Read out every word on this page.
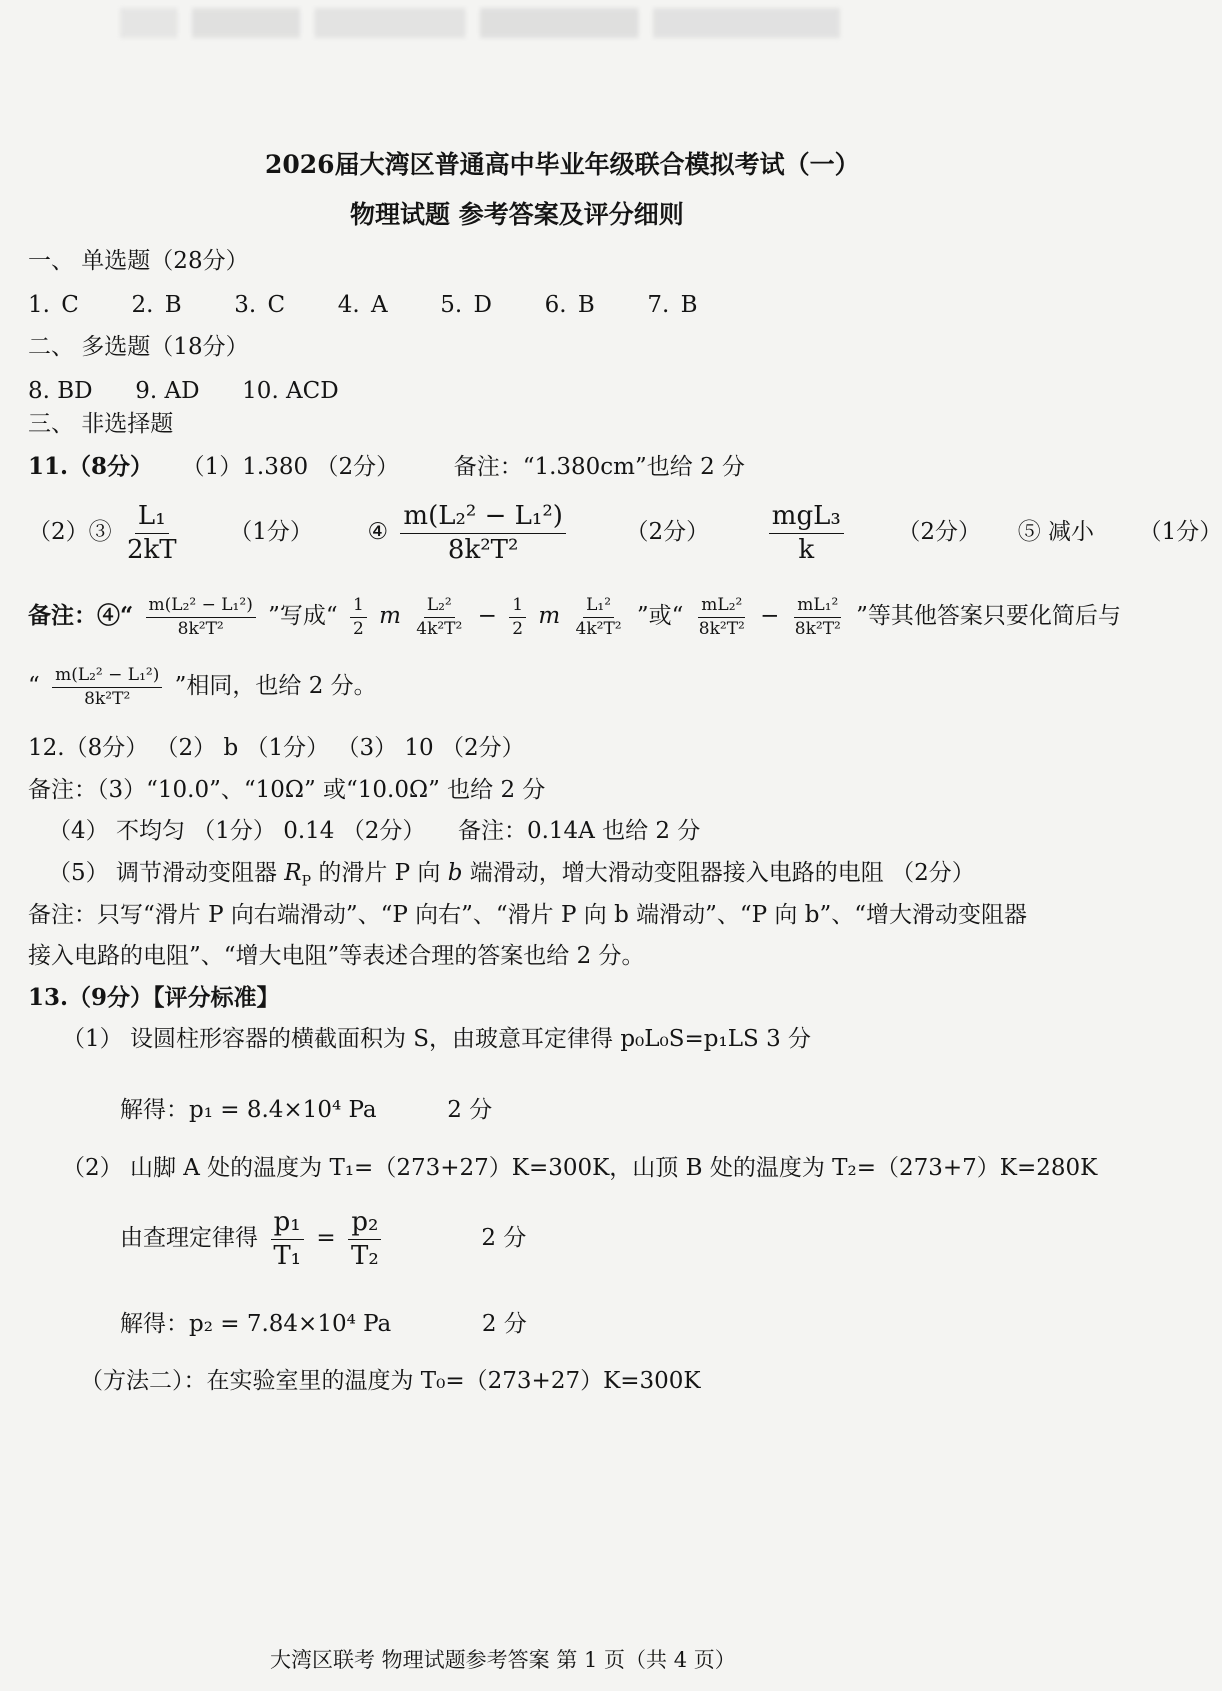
2026届大湾区普通高中毕业年级联合模拟考试（一）
物理试题 参考答案及评分细则
一、 单选题（28分）
1. C 2. B 3. C 4. A 5. D 6. B 7. B
二、 多选题（18分）
8. BD 9. AD 10. ACD
三、 非选择题
11.（8分） （1）1.380 （2分） 备注：“1.380cm”也给 2 分
（2）③ $\frac{\text{L₁}}{2kT} (1$分） ④ $\frac{\text{m(L₂² − L₁²)}}{\text{8k²T²}}$	（2分） $\frac{\text{mgL₃}}{k} (2$分） ⑤ 减小 （1分）
备注：④“ $\frac{\text{m(L₂² − L₁²)}}{\text{8k²T²}}$ ”写成“ $\frac{1}{2}$ m $\frac{\text{L₂²}}{\text{4k²T²}} - \frac{1}{2}$ m $\frac{\text{L₁²}}{\text{4k²T²}}$ ”或“ $\frac{\text{mL₂²}}{\text{8k²T²}} - \frac{\text{mL₁²}}{\text{8k²T²}}$ ”等其他答案只要化简后与
“ $\frac{\text{m(L₂² − L₁²)}}{\text{8k²T²}}$ ”相同，也给 2 分。
12.（8分） （2） b （1分） （3） 10 （2分）
备注：（3）“10.0”、“10Ω” 或“10.0Ω” 也给 2 分
（4） 不均匀 （1分） 0.14 （2分） 备注：0.14A 也给 2 分
（5） 调节滑动变阻器 $R_P$ 的滑片 P 向 b 端滑动，增大滑动变阻器接入电路的电阻 （2分）
备注：只写“滑片 P 向右端滑动”、“P 向右”、“滑片 P 向 b 端滑动”、“P 向 b”、“增大滑动变阻器
接入电路的电阻”、“增大电阻”等表述合理的答案也给 2 分。
13.（9分）【评分标准】
（1） 设圆柱形容器的横截面积为 S，由玻意耳定律得 p₀L₀S=p₁LS 3 分
解得：p₁ = 8.4×10⁴ Pa	2 分
（2） 山脚 A 处的温度为 T₁=（273+27）K=300K，山顶 B 处的温度为 T₂=（273+7）K=280K
由查理定律得 $\frac{\text{p₁}}{\text{T₁}} = \frac{\text{p₂}}{\text{T₂}}$	2 分
解得：p₂ = 7.84×10⁴ Pa	2 分
（方法二）：在实验室里的温度为 T₀=（273+27）K=300K
大湾区联考 物理试题参考答案 第 1 页（共 4 页）
